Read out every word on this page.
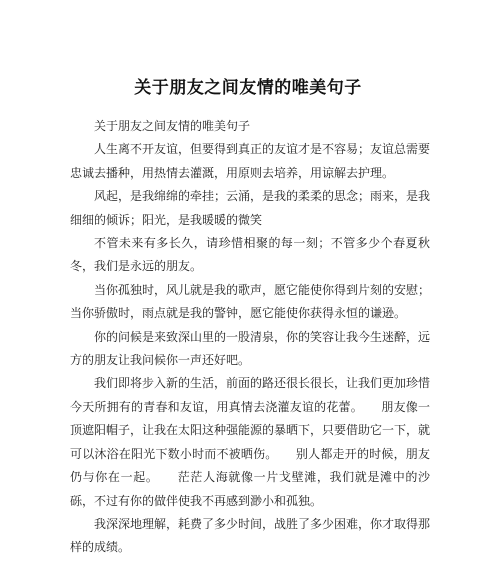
关于朋友之间友情的唯美句子

关于朋友之间友情的唯美句子

人生离不开友谊，但要得到真正的友谊才是不容易；友谊总需要忠诚去播种，用热情去灌溉，用原则去培养，用谅解去护理。

风起，是我绵绵的牵挂；云涌，是我的柔柔的思念；雨来，是我细细的倾诉；阳光，是我暖暖的微笑

不管未来有多长久，请珍惜相聚的每一刻；不管多少个春夏秋冬，我们是永远的朋友。

当你孤独时，风儿就是我的歌声，愿它能使你得到片刻的安慰；当你骄傲时，雨点就是我的警钟，愿它能使你获得永恒的谦逊。

你的问候是来致深山里的一股清泉，你的笑容让我今生迷醉，远方的朋友让我问候你一声还好吧。

我们即将步入新的生活，前面的路还很长很长，让我们更加珍惜今天所拥有的青春和友谊，用真情去浇灌友谊的花蕾。　　朋友像一顶遮阳帽子，让我在太阳这种强能源的暴晒下，只要借助它一下，就可以沐浴在阳光下数小时而不被晒伤。　　别人都走开的时候，朋友仍与你在一起。　　茫茫人海就像一片戈壁滩，我们就是滩中的沙砾，不过有你的做伴使我不再感到渺小和孤独。

我深深地理解，耗费了多少时间，战胜了多少困难，你才取得那样的成绩。
